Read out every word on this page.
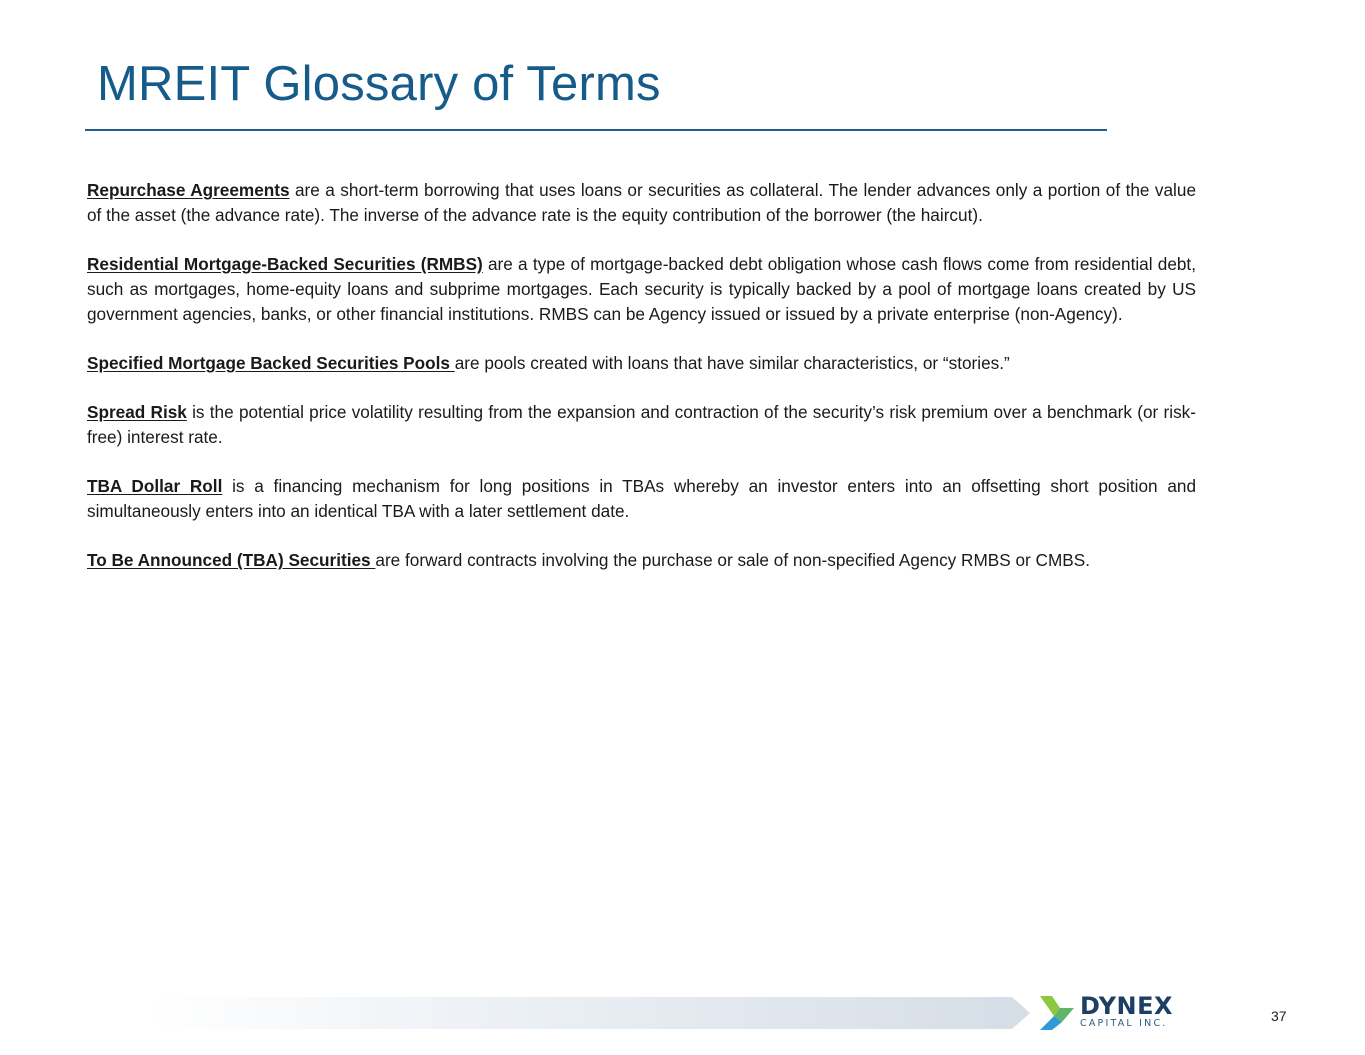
MREIT Glossary of Terms

Repurchase Agreements are a short-term borrowing that uses loans or securities as collateral. The lender advances only a portion of the value of the asset (the advance rate). The inverse of the advance rate is the equity contribution of the borrower (the haircut).

Residential Mortgage-Backed Securities (RMBS) are a type of mortgage-backed debt obligation whose cash flows come from residential debt, such as mortgages, home-equity loans and subprime mortgages. Each security is typically backed by a pool of mortgage loans created by US government agencies, banks, or other financial institutions. RMBS can be Agency issued or issued by a private enterprise (non-Agency).

Specified Mortgage Backed Securities Pools are pools created with loans that have similar characteristics, or “stories.”

Spread Risk is the potential price volatility resulting from the expansion and contraction of the security’s risk premium over a benchmark (or risk-free) interest rate.

TBA Dollar Roll is a financing mechanism for long positions in TBAs whereby an investor enters into an offsetting short position and simultaneously enters into an identical TBA with a later settlement date.

To Be Announced (TBA) Securities are forward contracts involving the purchase or sale of non-specified Agency RMBS or CMBS.

DYNEX
CAPITAL INC.	37
